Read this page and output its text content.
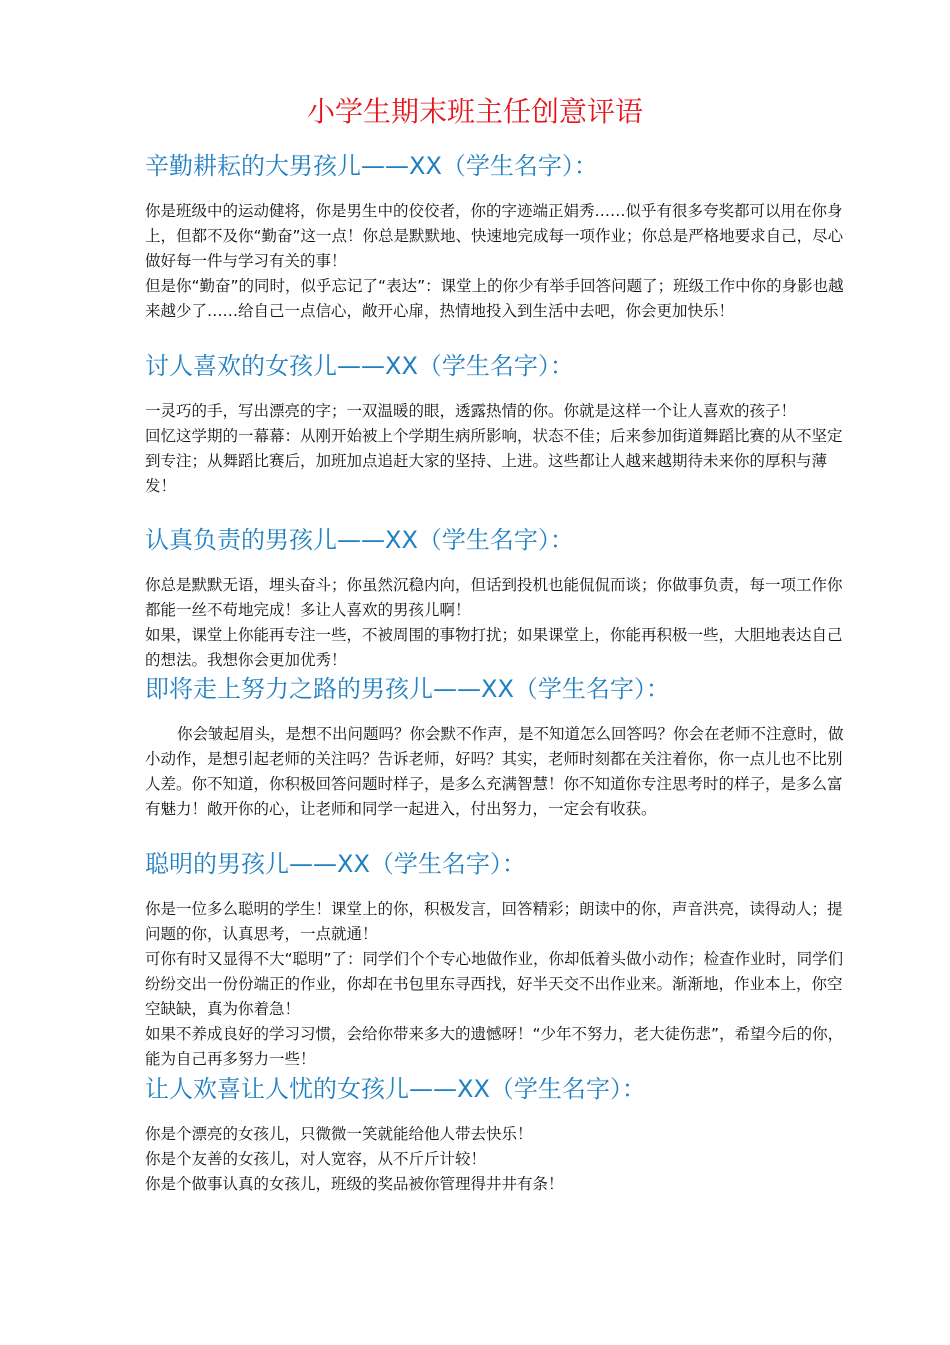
小学生期末班主任创意评语
辛勤耕耘的大男孩儿——XX（学生名字）：

你是班级中的运动健将，你是男生中的佼佼者，你的字迹端正娟秀……似乎有很多夸奖都可以用在你身上，但都不及你“勤奋”这一点！你总是默默地、快速地完成每一项作业；你总是严格地要求自己，尽心做好每一件与学习有关的事！

但是你“勤奋”的同时，似乎忘记了“表达”：课堂上的你少有举手回答问题了；班级工作中你的身影也越来越少了……给自己一点信心，敞开心扉，热情地投入到生活中去吧，你会更加快乐！

讨人喜欢的女孩儿——XX（学生名字）：

一灵巧的手，写出漂亮的字；一双温暖的眼，透露热情的你。你就是这样一个让人喜欢的孩子！

回忆这学期的一幕幕：从刚开始被上个学期生病所影响，状态不佳；后来参加街道舞蹈比赛的从不坚定到专注；从舞蹈比赛后，加班加点追赶大家的坚持、上进。这些都让人越来越期待未来你的厚积与薄发！

认真负责的男孩儿——XX（学生名字）：

你总是默默无语，埋头奋斗；你虽然沉稳内向，但话到投机也能侃侃而谈；你做事负责，每一项工作你都能一丝不苟地完成！多让人喜欢的男孩儿啊！

如果，课堂上你能再专注一些，不被周围的事物打扰；如果课堂上，你能再积极一些，大胆地表达自己的想法。我想你会更加优秀！

即将走上努力之路的男孩儿——XX（学生名字）：

你会皱起眉头，是想不出问题吗？你会默不作声，是不知道怎么回答吗？你会在老师不注意时，做小动作，是想引起老师的关注吗？告诉老师，好吗？其实，老师时刻都在关注着你，你一点儿也不比别人差。你不知道，你积极回答问题时样子，是多么充满智慧！你不知道你专注思考时的样子，是多么富有魅力！敞开你的心，让老师和同学一起进入，付出努力，一定会有收获。

聪明的男孩儿——XX（学生名字）：

你是一位多么聪明的学生！课堂上的你，积极发言，回答精彩；朗读中的你，声音洪亮，读得动人；提问题的你，认真思考，一点就通！

可你有时又显得不大“聪明”了：同学们个个专心地做作业，你却低着头做小动作；检查作业时，同学们纷纷交出一份份端正的作业，你却在书包里东寻西找，好半天交不出作业来。渐渐地，作业本上，你空空缺缺，真为你着急！

如果不养成良好的学习习惯，会给你带来多大的遗憾呀！“少年不努力，老大徒伤悲”，希望今后的你，能为自己再多努力一些！

让人欢喜让人忧的女孩儿——XX（学生名字）：

你是个漂亮的女孩儿，只微微一笑就能给他人带去快乐！

你是个友善的女孩儿，对人宽容，从不斤斤计较！

你是个做事认真的女孩儿，班级的奖品被你管理得井井有条！
